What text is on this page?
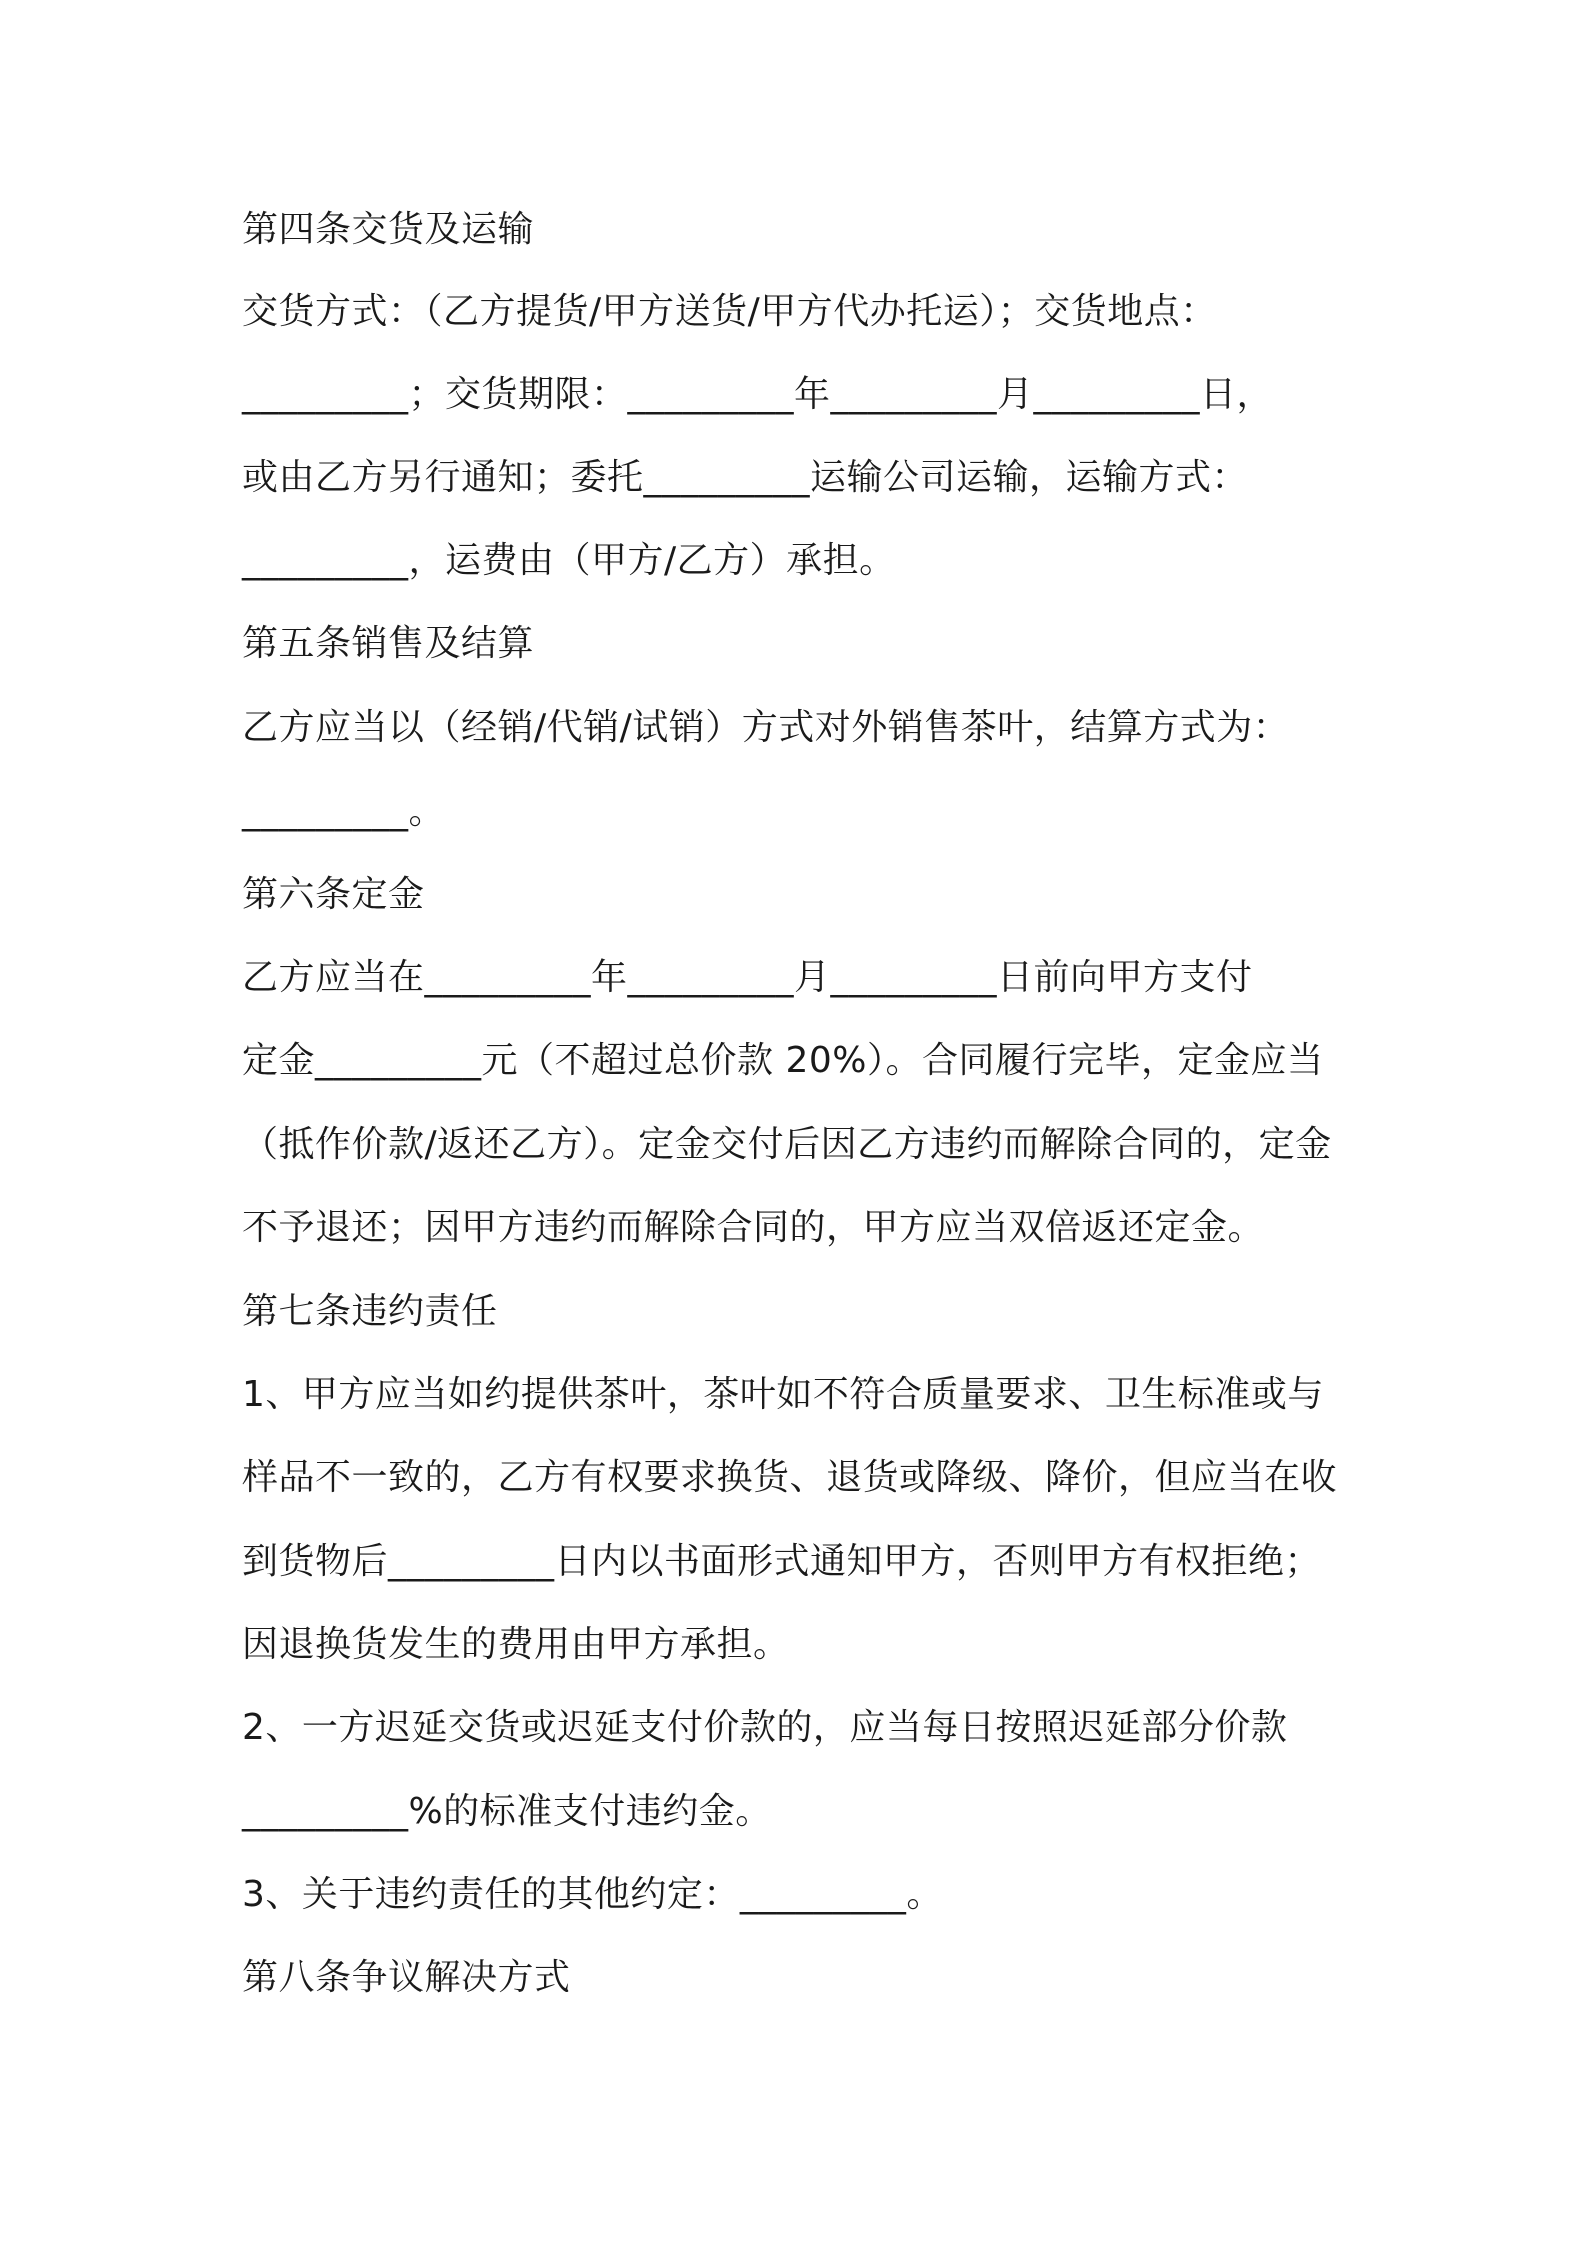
第四条交货及运输
交货方式：（乙方提货/甲方送货/甲方代办托运）；交货地点：
_________；交货期限：_________年_________月_________日，
或由乙方另行通知；委托_________运输公司运输，运输方式：
_________，运费由（甲方/乙方）承担。
第五条销售及结算
乙方应当以（经销/代销/试销）方式对外销售茶叶，结算方式为：
_________。
第六条定金
乙方应当在_________年_________月_________日前向甲方支付
定金_________元（不超过总价款 20%）。合同履行完毕，定金应当
（抵作价款/返还乙方）。定金交付后因乙方违约而解除合同的，定金
不予退还；因甲方违约而解除合同的，甲方应当双倍返还定金。
第七条违约责任
1、甲方应当如约提供茶叶，茶叶如不符合质量要求、卫生标准或与
样品不一致的，乙方有权要求换货、退货或降级、降价，但应当在收
到货物后_________日内以书面形式通知甲方，否则甲方有权拒绝；
因退换货发生的费用由甲方承担。
2、一方迟延交货或迟延支付价款的，应当每日按照迟延部分价款
_________%的标准支付违约金。
3、关于违约责任的其他约定：_________。
第八条争议解决方式
